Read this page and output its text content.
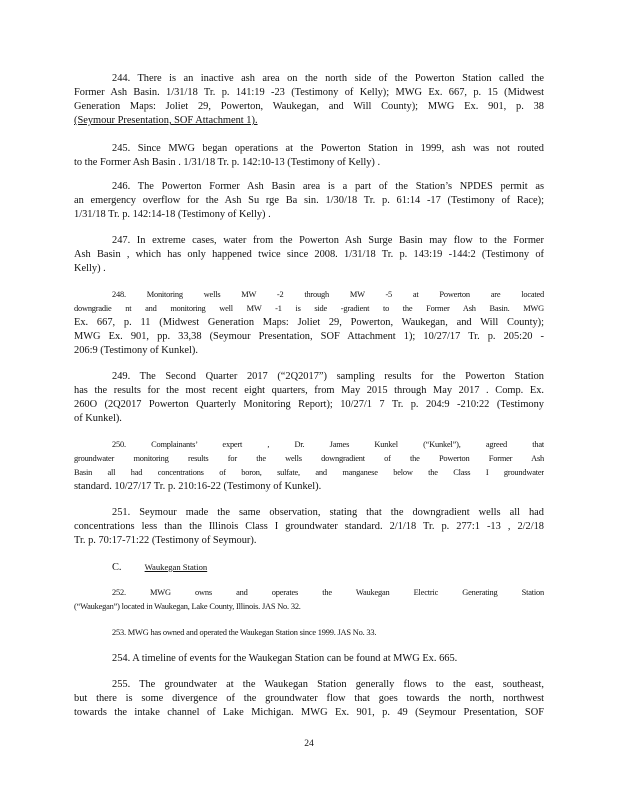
244. There is an inactive ash area on the north side of the Powerton Station called the
Former Ash Basin. 1/31/18 Tr. p. 141:19 -23 (Testimony of Kelly); MWG Ex. 667, p. 15 (Midwest
Generation Maps: Joliet 29, Powerton, Waukegan, and Will County); MWG Ex. 901, p. 38
(Seymour Presentation, SOF Attachment 1).

245. Since MWG began operations at the Powerton Station in 1999, ash was not routed
to the Former Ash Basin . 1/31/18 Tr. p. 142:10-13 (Testimony of Kelly) .

246. The Powerton Former Ash Basin area is a part of the Station’s NPDES permit as
an emergency overflow for the Ash Su rge Ba sin. 1/30/18 Tr. p. 61:14 -17 (Testimony of Race);
1/31/18 Tr. p. 142:14-18 (Testimony of Kelly) .

247. In extreme cases, water from the Powerton Ash Surge Basin may flow to the Former
Ash Basin , which has only happened twice since 2008. 1/31/18 Tr. p. 143:19 -144:2 (Testimony of
Kelly) .

248. Monitoring wells MW -2 through MW -5 at Powerton are located
downgradie nt and monitoring well MW -1 is side -gradient to the Former Ash Basin. MWG
Ex. 667, p. 11 (Midwest Generation Maps: Joliet 29, Powerton, Waukegan, and Will County);
MWG Ex. 901, pp. 33,38 (Seymour Presentation, SOF Attachment 1); 10/27/17 Tr. p. 205:20 -
206:9 (Testimony of Kunkel).

249. The Second Quarter 2017 (“2Q2017”) sampling results for the Powerton Station
has the results for the most recent eight quarters, from May 2015 through May 2017 . Comp. Ex.
260O (2Q2017 Powerton Quarterly Monitoring Report); 10/27/1 7 Tr. p. 204:9 -210:22 (Testimony
of Kunkel).

250. Complainants’ expert , Dr. James Kunkel (“Kunkel”), agreed that
groundwater monitoring results for the wells downgradient of the Powerton Former Ash
Basin all had concentrations of boron, sulfate, and manganese below the Class I groundwater
standard. 10/27/17 Tr. p. 210:16-22 (Testimony of Kunkel).

251. Seymour made the same observation, stating that the downgradient wells all had
concentrations less than the Illinois Class I groundwater standard. 2/1/18 Tr. p. 277:1 -13 , 2/2/18
Tr. p. 70:17-71:22 (Testimony of Seymour).

C.	Waukegan Station

252. MWG owns and operates the Waukegan Electric Generating Station
(“Waukegan”) located in Waukegan, Lake County, Illinois. JAS No. 32.

253. MWG has owned and operated the Waukegan Station since 1999. JAS No. 33.

254. A timeline of events for the Waukegan Station can be found at MWG Ex. 665.

255. The groundwater at the Waukegan Station generally flows to the east, southeast,
but there is some divergence of the groundwater flow that goes towards the north, northwest
towards the intake channel of Lake Michigan. MWG Ex. 901, p. 49 (Seymour Presentation, SOF

24
